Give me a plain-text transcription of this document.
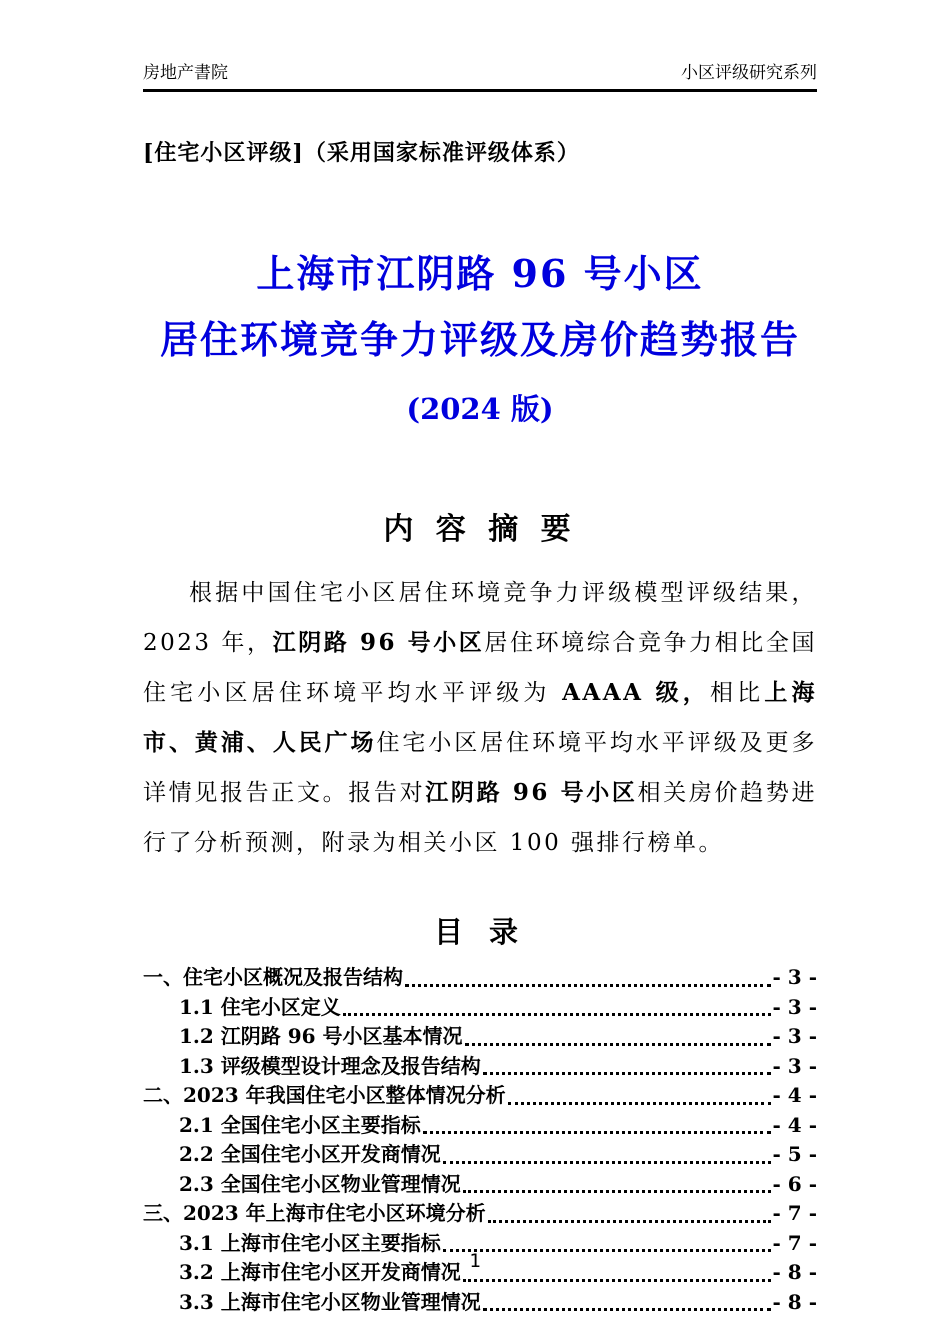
房地产書院	小区评级研究系列
[住宅小区评级]（采用国家标准评级体系）
上海市江阴路 96 号小区
居住环境竞争力评级及房价趋势报告
(2024 版)
内 容 摘 要

根据中国住宅小区居住环境竞争力评级模型评级结果，2023 年，江阴路 96 号小区居住环境综合竞争力相比全国住宅小区居住环境平均水平评级为 AAAA 级，相比上海市、黄浦、人民广场住宅小区居住环境平均水平评级及更多详情见报告正文。报告对江阴路 96 号小区相关房价趋势进行了分析预测，附录为相关小区 100 强排行榜单。

目 录
一、住宅小区概况及报告结构	- 3 -
1.1 住宅小区定义	- 3 -
1.2 江阴路 96 号小区基本情况	- 3 -
1.3 评级模型设计理念及报告结构	- 3 -
二、2023 年我国住宅小区整体情况分析	- 4 -
2.1 全国住宅小区主要指标	- 4 -
2.2 全国住宅小区开发商情况	- 5 -
2.3 全国住宅小区物业管理情况	- 6 -
三、2023 年上海市住宅小区环境分析	- 7 -
3.1 上海市住宅小区主要指标	- 7 -
3.2 上海市住宅小区开发商情况	- 8 -
3.3 上海市住宅小区物业管理情况	- 8 -
1
